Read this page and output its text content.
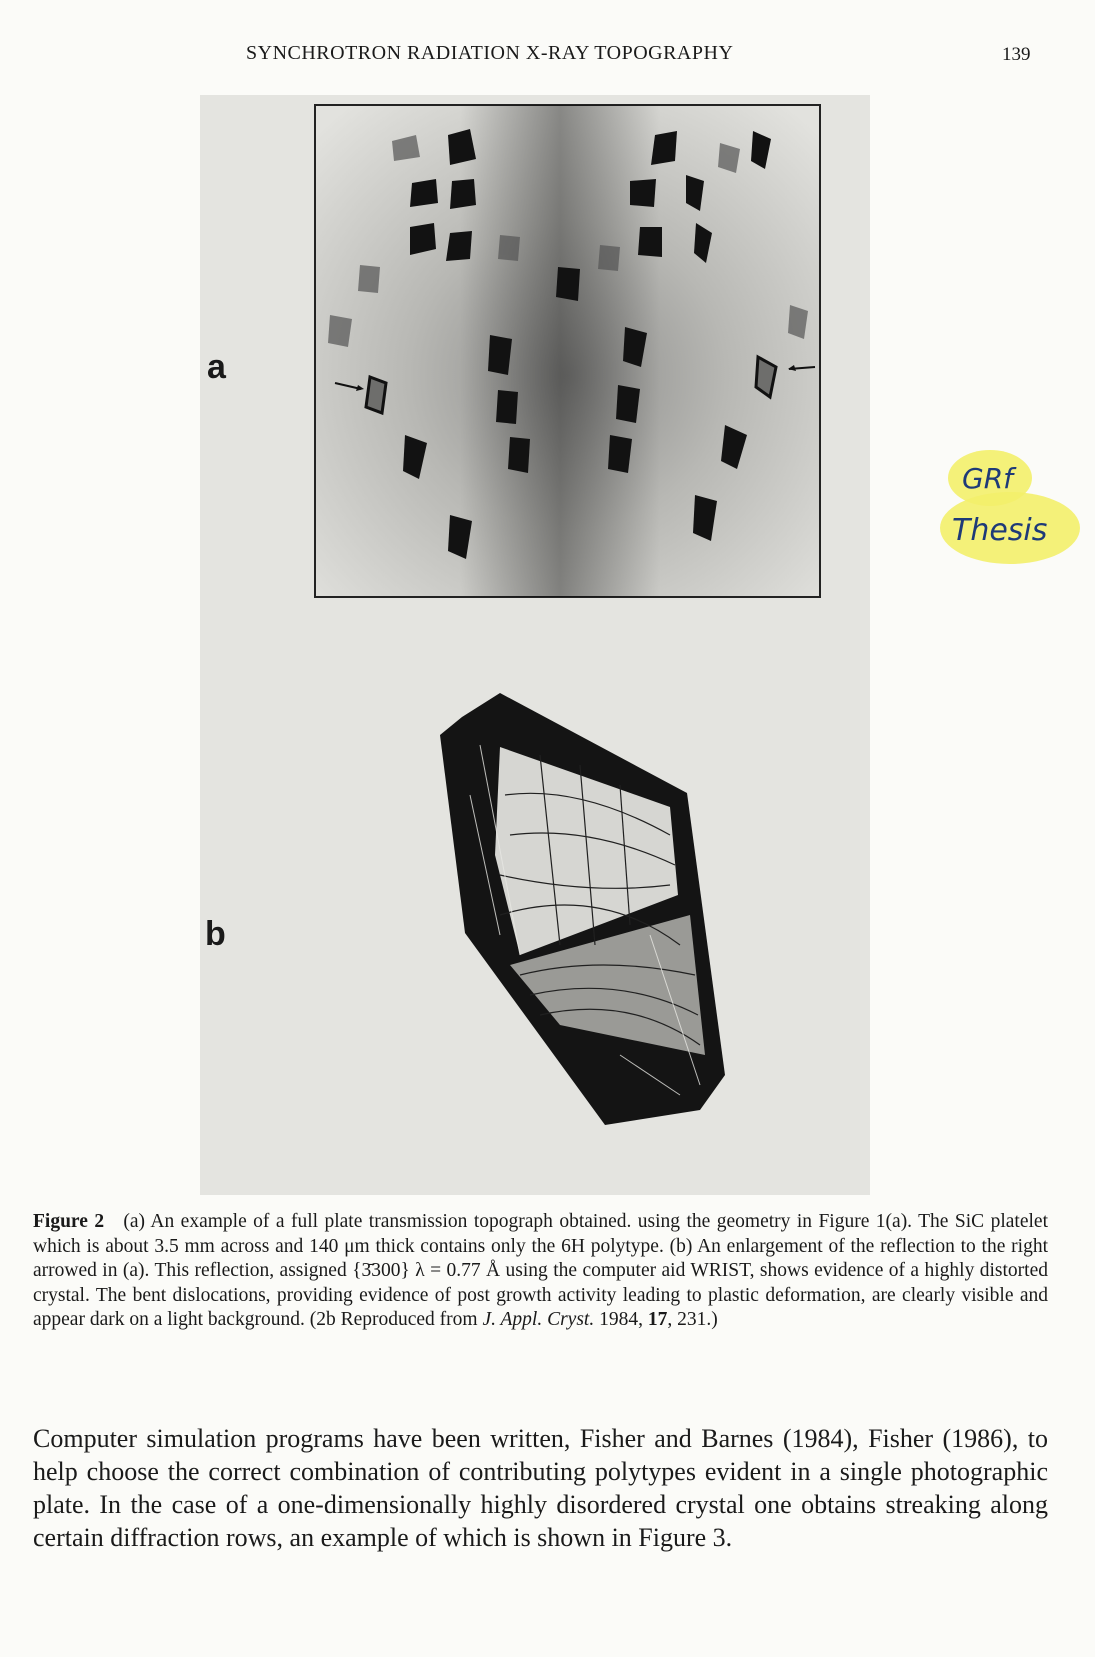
SYNCHROTRON RADIATION X-RAY TOPOGRAPHY	139
a
b
Figure 2 (a) An example of a full plate transmission topograph obtained. using the geometry in Figure 1(a). The SiC platelet which is about 3.5 mm across and 140 μm thick contains only the 6H polytype. (b) An enlargement of the reflection to the right arrowed in (a). This reflection, assigned {3̄300} λ = 0.77 Å using the computer aid WRIST, shows evidence of a highly distorted crystal. The bent dislocations, providing evidence of post growth activity leading to plastic deformation, are clearly visible and appear dark on a light background. (2b Reproduced from J. Appl. Cryst. 1984, 17, 231.)
Computer simulation programs have been written, Fisher and Barnes (1984), Fisher (1986), to help choose the correct combination of contributing polytypes evident in a single photographic plate. In the case of a one-dimensionally highly disordered crystal one obtains streaking along certain diffraction rows, an example of which is shown in Figure 3.
GRf
Thesis
